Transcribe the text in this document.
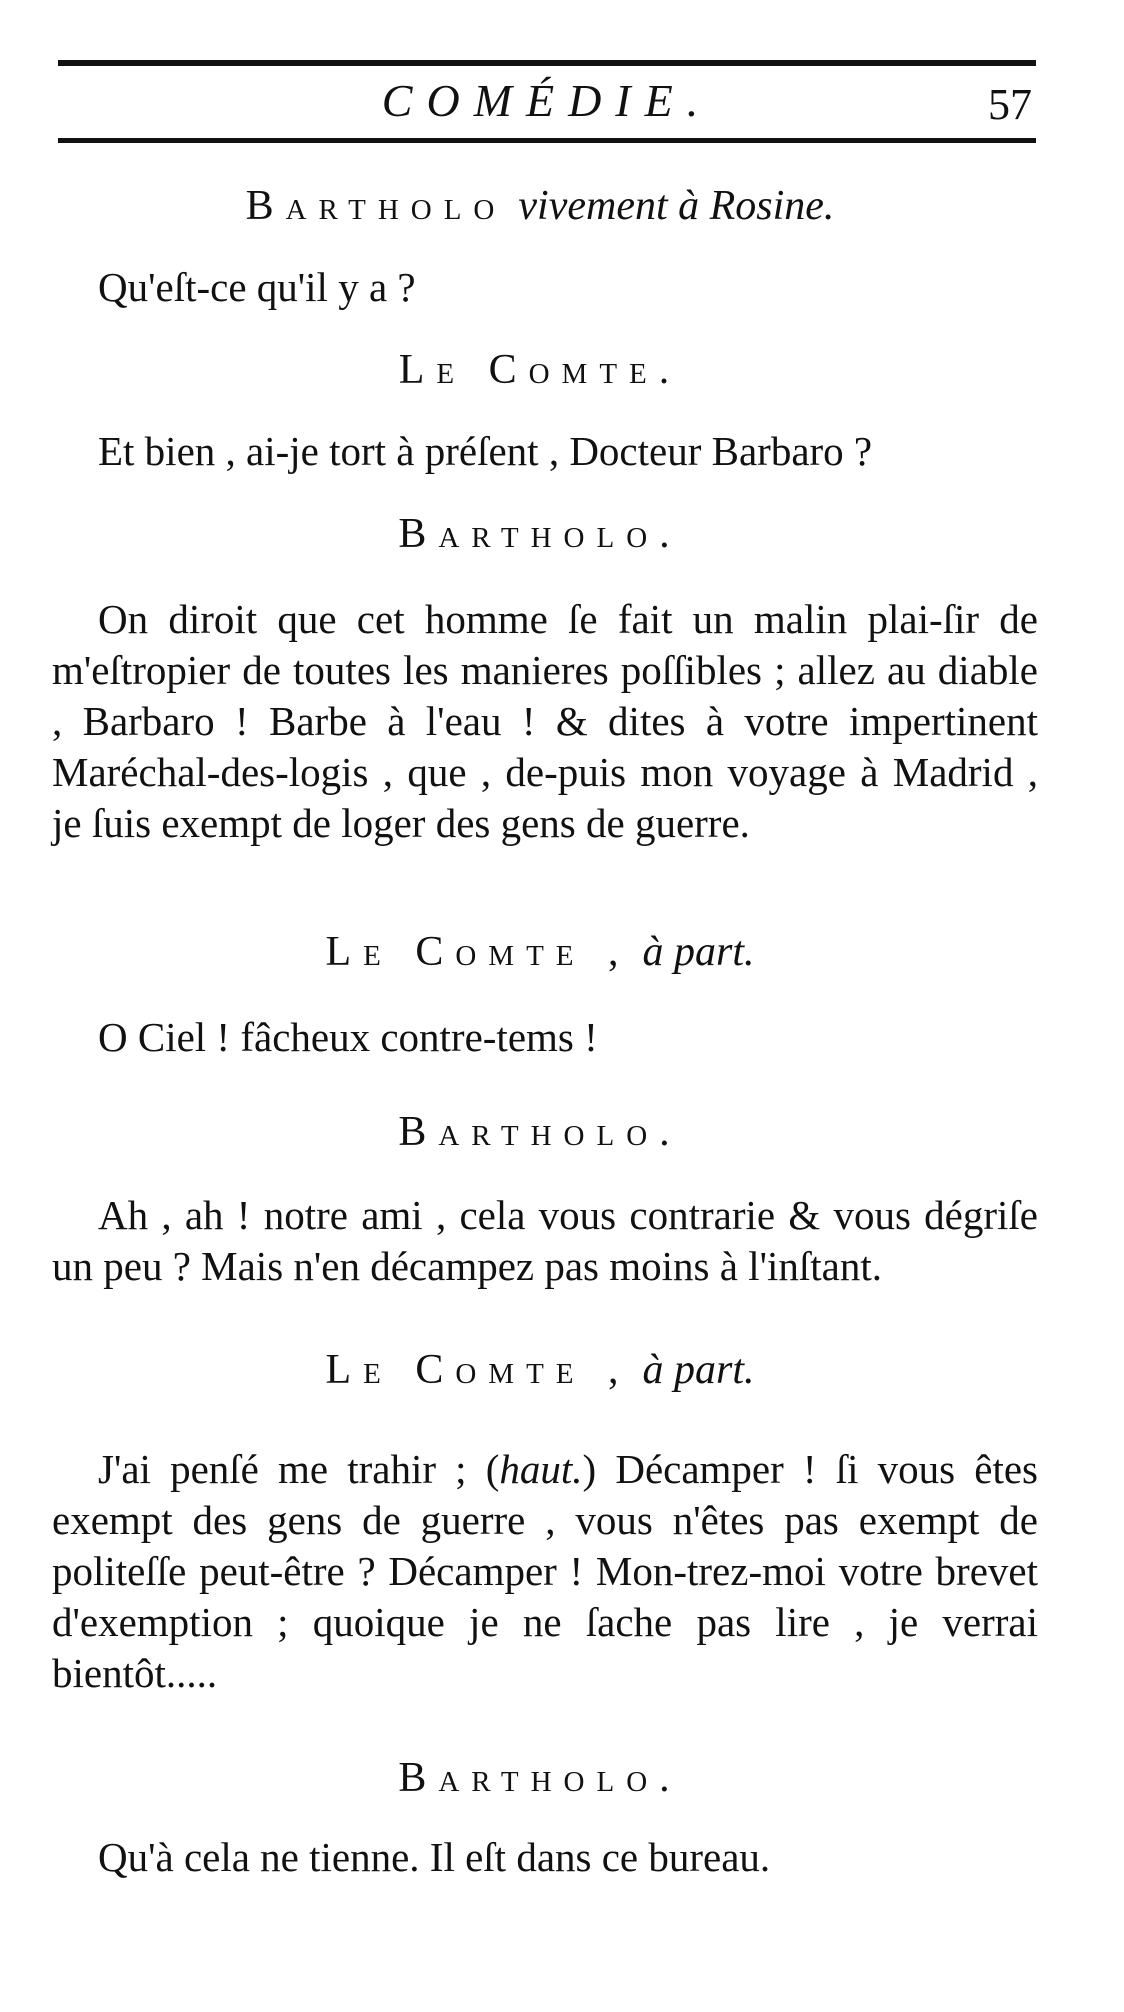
COMÉDIE.	57
Bartholo vivement à Rosine.

Qu'eſt-ce qu'il y a ?

Le Comte.

Et bien , ai-je tort à préſent , Docteur Barbaro ?

Bartholo.

On diroit que cet homme ſe fait un malin plai-ſir de m'eſtropier de toutes les manieres poſſibles ; allez au diable , Barbaro ! Barbe à l'eau ! & dites à votre impertinent Maréchal-des-logis , que , de-puis mon voyage à Madrid , je ſuis exempt de loger des gens de guerre.

Le Comte , à part.

O Ciel ! fâcheux contre-tems !

Bartholo.

Ah , ah ! notre ami , cela vous contrarie & vous dégriſe un peu ? Mais n'en décampez pas moins à l'inſtant.

Le Comte , à part.

J'ai penſé me trahir ; (haut.) Décamper ! ſi vous êtes exempt des gens de guerre , vous n'êtes pas exempt de politeſſe peut-être ? Décamper ! Mon-trez-moi votre brevet d'exemption ; quoique je ne ſache pas lire , je verrai bientôt.....

Bartholo.

Qu'à cela ne tienne. Il eſt dans ce bureau.
